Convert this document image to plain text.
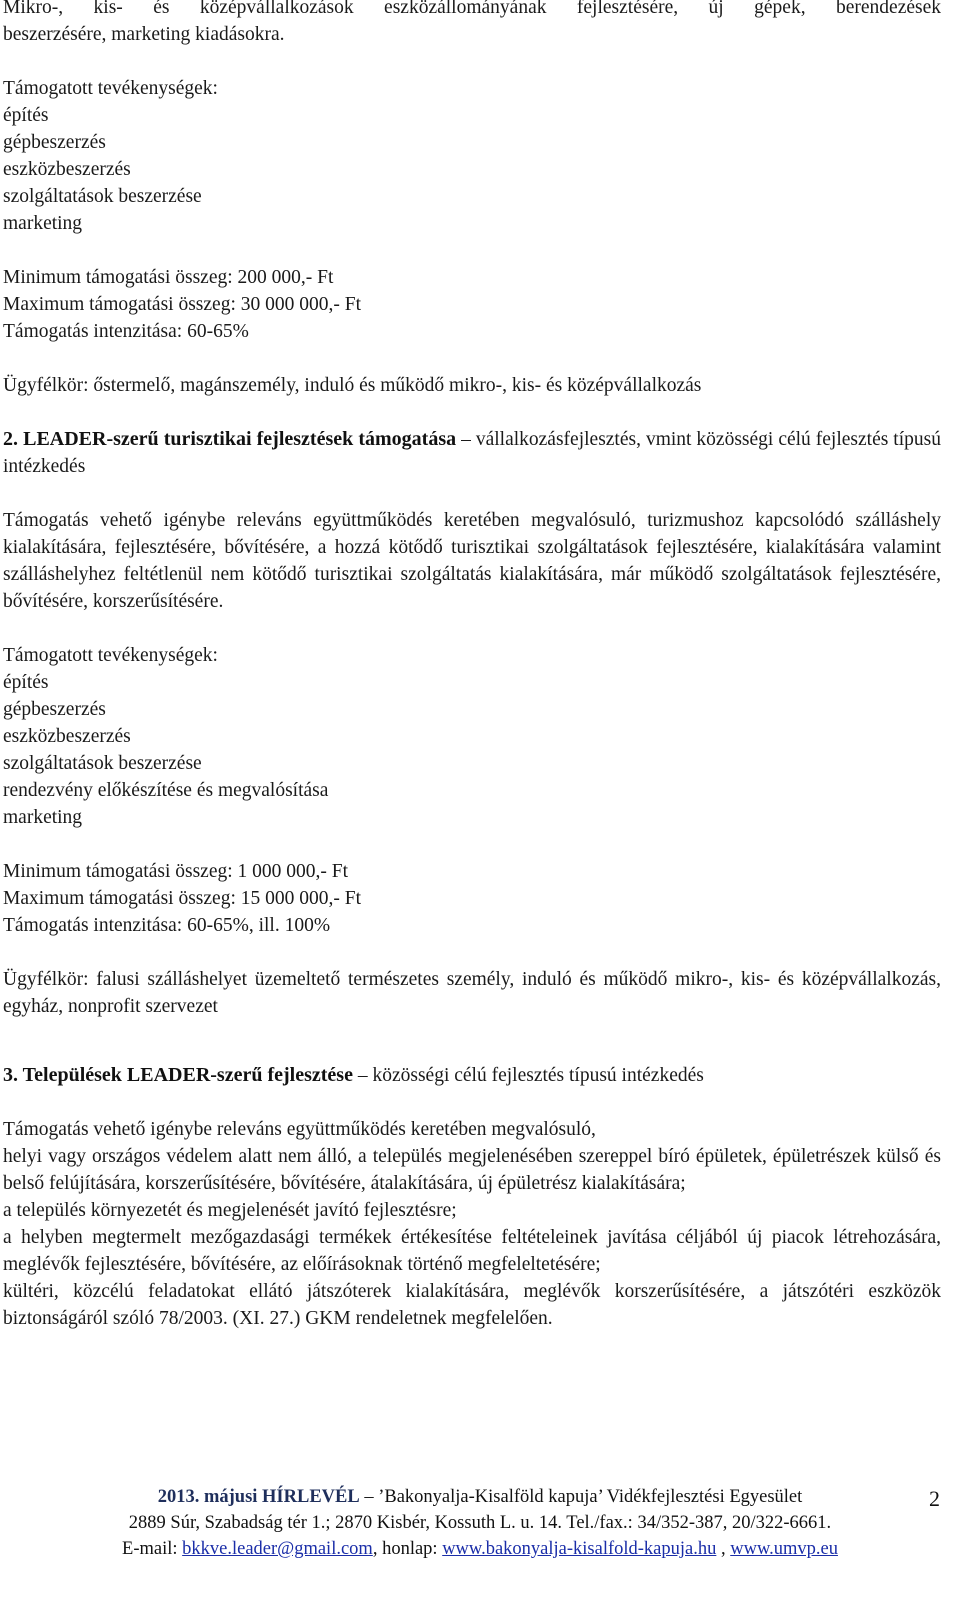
Mikro-, kis- és középvállalkozások eszközállományának fejlesztésére, új gépek, berendezések
beszerzésére, marketing kiadásokra.

Támogatott tevékenységek:

építés

gépbeszerzés

eszközbeszerzés

szolgáltatások beszerzése

marketing

Minimum támogatási összeg: 200 000,- Ft

Maximum támogatási összeg: 30 000 000,- Ft

Támogatás intenzitása: 60-65%

Ügyfélkör: őstermelő, magánszemély, induló és működő mikro-, kis- és középvállalkozás

2. LEADER-szerű turisztikai fejlesztések támogatása – vállalkozásfejlesztés, vmint közösségi célú fejlesztés típusú intézkedés

Támogatás vehető igénybe releváns együttműködés keretében megvalósuló, turizmushoz kapcsolódó szálláshely kialakítására, fejlesztésére, bővítésére, a hozzá kötődő turisztikai szolgáltatások fejlesztésére, kialakítására valamint szálláshelyhez feltétlenül nem kötődő turisztikai szolgáltatás kialakítására, már működő szolgáltatások fejlesztésére, bővítésére, korszerűsítésére.

Támogatott tevékenységek:

építés

gépbeszerzés

eszközbeszerzés

szolgáltatások beszerzése

rendezvény előkészítése és megvalósítása

marketing

Minimum támogatási összeg: 1 000 000,- Ft

Maximum támogatási összeg: 15 000 000,- Ft

Támogatás intenzitása: 60-65%, ill. 100%

Ügyfélkör: falusi szálláshelyet üzemeltető természetes személy, induló és működő mikro-, kis- és középvállalkozás, egyház, nonprofit szervezet

3. Települések LEADER-szerű fejlesztése – közösségi célú fejlesztés típusú intézkedés

Támogatás vehető igénybe releváns együttműködés keretében megvalósuló,

helyi vagy országos védelem alatt nem álló, a település megjelenésében szereppel bíró épületek, épületrészek külső és belső felújítására, korszerűsítésére, bővítésére, átalakítására, új épületrész kialakítására;

a település környezetét és megjelenését javító fejlesztésre;

a helyben megtermelt mezőgazdasági termékek értékesítése feltételeinek javítása céljából új piacok létrehozására, meglévők fejlesztésére, bővítésére, az előírásoknak történő megfeleltetésére;

kültéri, közcélú feladatokat ellátó játszóterek kialakítására, meglévők korszerűsítésére, a játszótéri eszközök biztonságáról szóló 78/2003. (XI. 27.) GKM rendeletnek megfelelően.

2013. májusi HÍRLEVÉL – ’Bakonyalja-Kisalföld kapuja’ Vidékfejlesztési Egyesület
2889 Súr, Szabadság tér 1.; 2870 Kisbér, Kossuth L. u. 14. Tel./fax.: 34/352-387, 20/322-6661.
E-mail: bkkve.leader@gmail.com, honlap: www.bakonyalja-kisalfold-kapuja.hu , www.umvp.eu
2
